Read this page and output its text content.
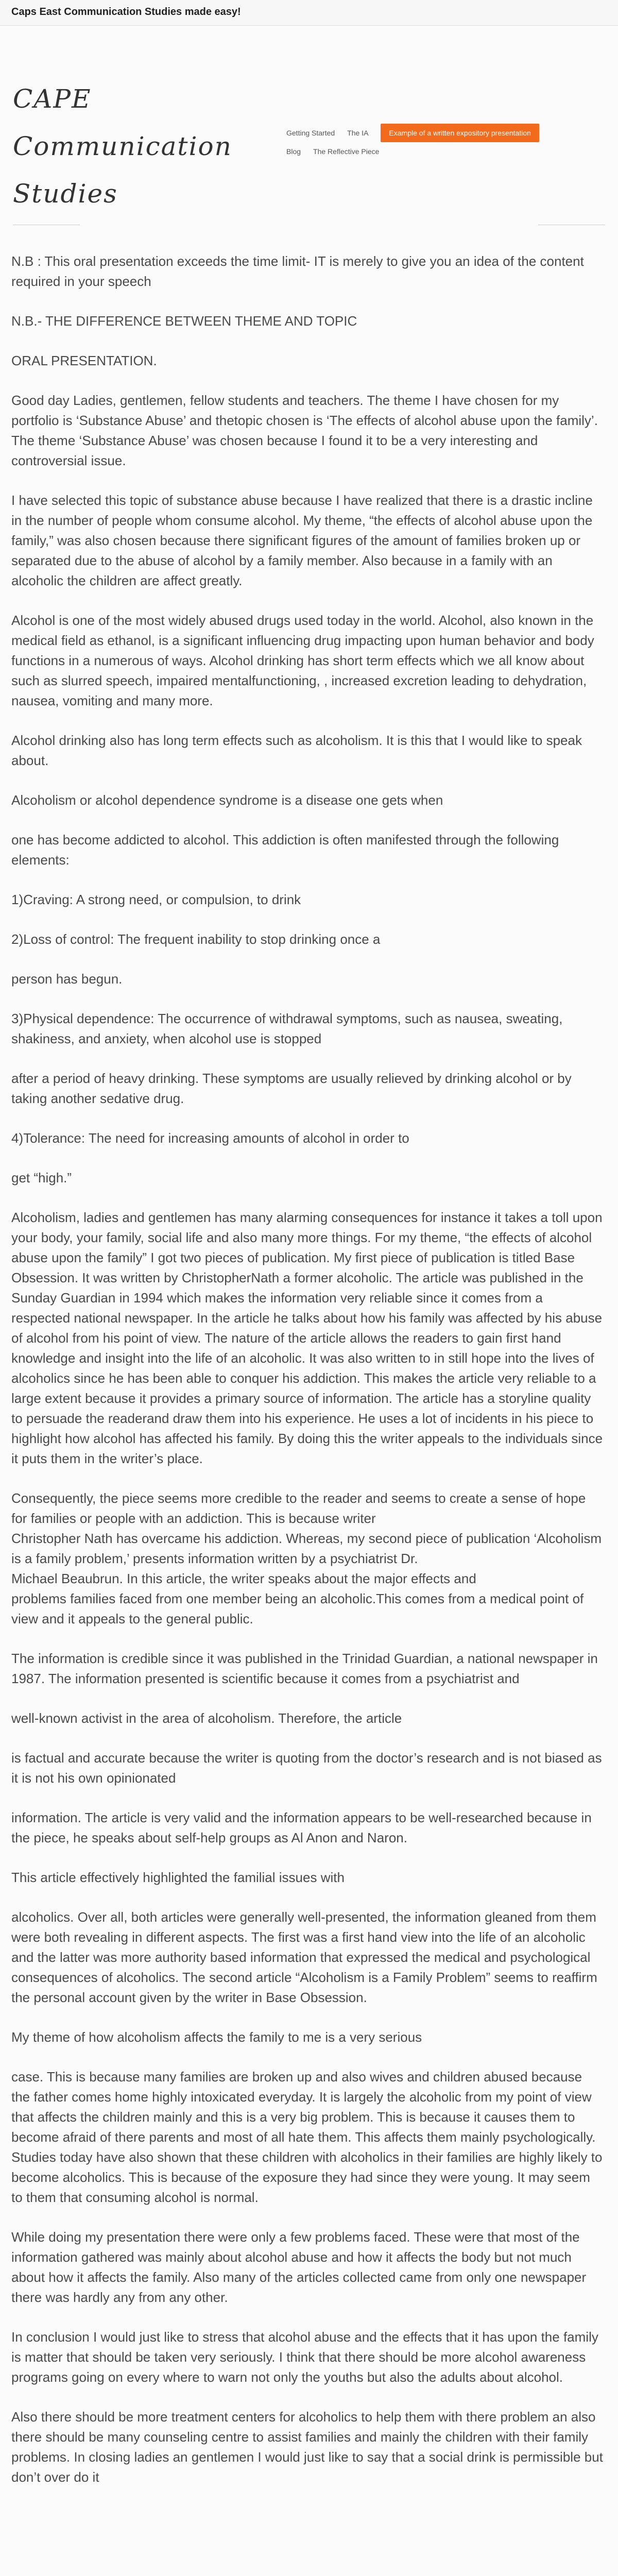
Caps East Communication Studies made easy!
CAPE
Communication
Studies
Getting Started The IA	Example of a written expository presentation
Blog The Reflective Piece

N.B : This oral presentation exceeds the time limit- IT is merely to give you an idea of the content required in your speech

N.B.- THE DIFFERENCE BETWEEN THEME AND TOPIC

ORAL PRESENTATION.

Good day Ladies, gentlemen, fellow students and teachers. The theme I have chosen for my portfolio is ‘Substance Abuse’ and thetopic chosen is ‘The effects of alcohol abuse upon the family’. The theme ‘Substance Abuse’ was chosen because I found it to be a very interesting and controversial issue.

I have selected this topic of substance abuse because I have realized that there is a drastic incline in the number of people whom consume alcohol. My theme, “the effects of alcohol abuse upon the family,” was also chosen because there significant figures of the amount of families broken up or separated due to the abuse of alcohol by a family member. Also because in a family with an alcoholic the children are affect greatly.

Alcohol is one of the most widely abused drugs used today in the world. Alcohol, also known in the medical field as ethanol, is a significant influencing drug impacting upon human behavior and body functions in a numerous of ways. Alcohol drinking has short term effects which we all know about such as slurred speech, impaired mentalfunctioning, , increased excretion leading to dehydration, nausea, vomiting and many more.

Alcohol drinking also has long term effects such as alcoholism. It is this that I would like to speak about.

Alcoholism or alcohol dependence syndrome is a disease one gets when

one has become addicted to alcohol. This addiction is often manifested through the following elements:

1)Craving: A strong need, or compulsion, to drink

2)Loss of control: The frequent inability to stop drinking once a

person has begun.

3)Physical dependence: The occurrence of withdrawal symptoms, such as nausea, sweating, shakiness, and anxiety, when alcohol use is stopped

after a period of heavy drinking. These symptoms are usually relieved by drinking alcohol or by taking another sedative drug.

4)Tolerance: The need for increasing amounts of alcohol in order to

get “high.”

Alcoholism, ladies and gentlemen has many alarming consequences for instance it takes a toll upon your body, your family, social life and also many more things. For my theme, “the effects of alcohol abuse upon the family” I got two pieces of publication. My first piece of publication is titled Base Obsession. It was written by ChristopherNath a former alcoholic. The article was published in the Sunday Guardian in 1994 which makes the information very reliable since it comes from a respected national newspaper. In the article he talks about how his family was affected by his abuse of alcohol from his point of view. The nature of the article allows the readers to gain first hand knowledge and insight into the life of an alcoholic. It was also written to in still hope into the lives of alcoholics since he has been able to conquer his addiction. This makes the article very reliable to a large extent because it provides a primary source of information. The article has a storyline quality to persuade the readerand draw them into his experience. He uses a lot of incidents in his piece to highlight how alcohol has affected his family. By doing this the writer appeals to the individuals since it puts them in the writer’s place.

Consequently, the piece seems more credible to the reader and seems to create a sense of hope for families or people with an addiction. This is because writer
Christopher Nath has overcame his addiction. Whereas, my second piece of publication ‘Alcoholism is a family problem,’ presents information written by a psychiatrist Dr.
Michael Beaubrun. In this article, the writer speaks about the major effects and
problems families faced from one member being an alcoholic.This comes from a medical point of view and it appeals to the general public.

The information is credible since it was published in the Trinidad Guardian, a national newspaper in 1987. The information presented is scientific because it comes from a psychiatrist and

well-known activist in the area of alcoholism. Therefore, the article

is factual and accurate because the writer is quoting from the doctor’s research and is not biased as it is not his own opinionated

information. The article is very valid and the information appears to be well-researched because in the piece, he speaks about self-help groups as Al Anon and Naron.

This article effectively highlighted the familial issues with

alcoholics. Over all, both articles were generally well-presented, the information gleaned from them were both revealing in different aspects. The first was a first hand view into the life of an alcoholic and the latter was more authority based information that expressed the medical and psychological consequences of alcoholics. The second article “Alcoholism is a Family Problem” seems to reaffirm the personal account given by the writer in Base Obsession.

My theme of how alcoholism affects the family to me is a very serious

case. This is because many families are broken up and also wives and children abused because the father comes home highly intoxicated everyday. It is largely the alcoholic from my point of view that affects the children mainly and this is a very big problem. This is because it causes them to become afraid of there parents and most of all hate them. This affects them mainly psychologically. Studies today have also shown that these children with alcoholics in their families are highly likely to become alcoholics. This is because of the exposure they had since they were young. It may seem to them that consuming alcohol is normal.

While doing my presentation there were only a few problems faced. These were that most of the information gathered was mainly about alcohol abuse and how it affects the body but not much about how it affects the family. Also many of the articles collected came from only one newspaper there was hardly any from any other.

In conclusion I would just like to stress that alcohol abuse and the effects that it has upon the family is matter that should be taken very seriously. I think that there should be more alcohol awareness programs going on every where to warn not only the youths but also the adults about alcohol.

Also there should be more treatment centers for alcoholics to help them with there problem an also there should be many counseling centre to assist families and mainly the children with their family problems. In closing ladies an gentlemen I would just like to say that a social drink is permissible but don’t over do it
